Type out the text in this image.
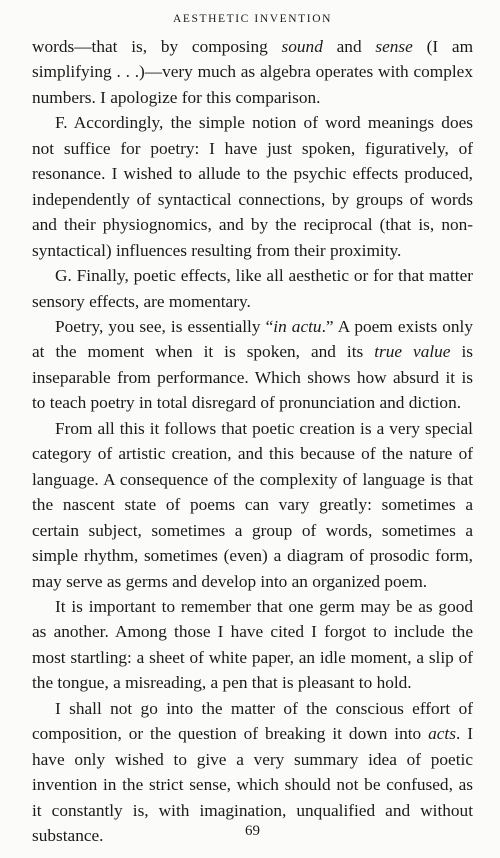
AESTHETIC INVENTION

words—that is, by composing sound and sense (I am simplifying . . .)—very much as algebra operates with complex numbers. I apologize for this comparison.

F. Accordingly, the simple notion of word meanings does not suffice for poetry: I have just spoken, figuratively, of resonance. I wished to allude to the psychic effects produced, independently of syntactical connections, by groups of words and their physiognomics, and by the reciprocal (that is, non-syntactical) influences resulting from their proximity.

G. Finally, poetic effects, like all aesthetic or for that matter sensory effects, are momentary.

Poetry, you see, is essentially “in actu.” A poem exists only at the moment when it is spoken, and its true value is inseparable from performance. Which shows how absurd it is to teach poetry in total disregard of pronunciation and diction.

From all this it follows that poetic creation is a very special category of artistic creation, and this because of the nature of language. A consequence of the complexity of language is that the nascent state of poems can vary greatly: sometimes a certain subject, sometimes a group of words, sometimes a simple rhythm, sometimes (even) a diagram of prosodic form, may serve as germs and develop into an organized poem.

It is important to remember that one germ may be as good as another. Among those I have cited I forgot to include the most startling: a sheet of white paper, an idle moment, a slip of the tongue, a misreading, a pen that is pleasant to hold.

I shall not go into the matter of the conscious effort of composition, or the question of breaking it down into acts. I have only wished to give a very summary idea of poetic invention in the strict sense, which should not be confused, as it constantly is, with imagination, unqualified and without substance.	69
